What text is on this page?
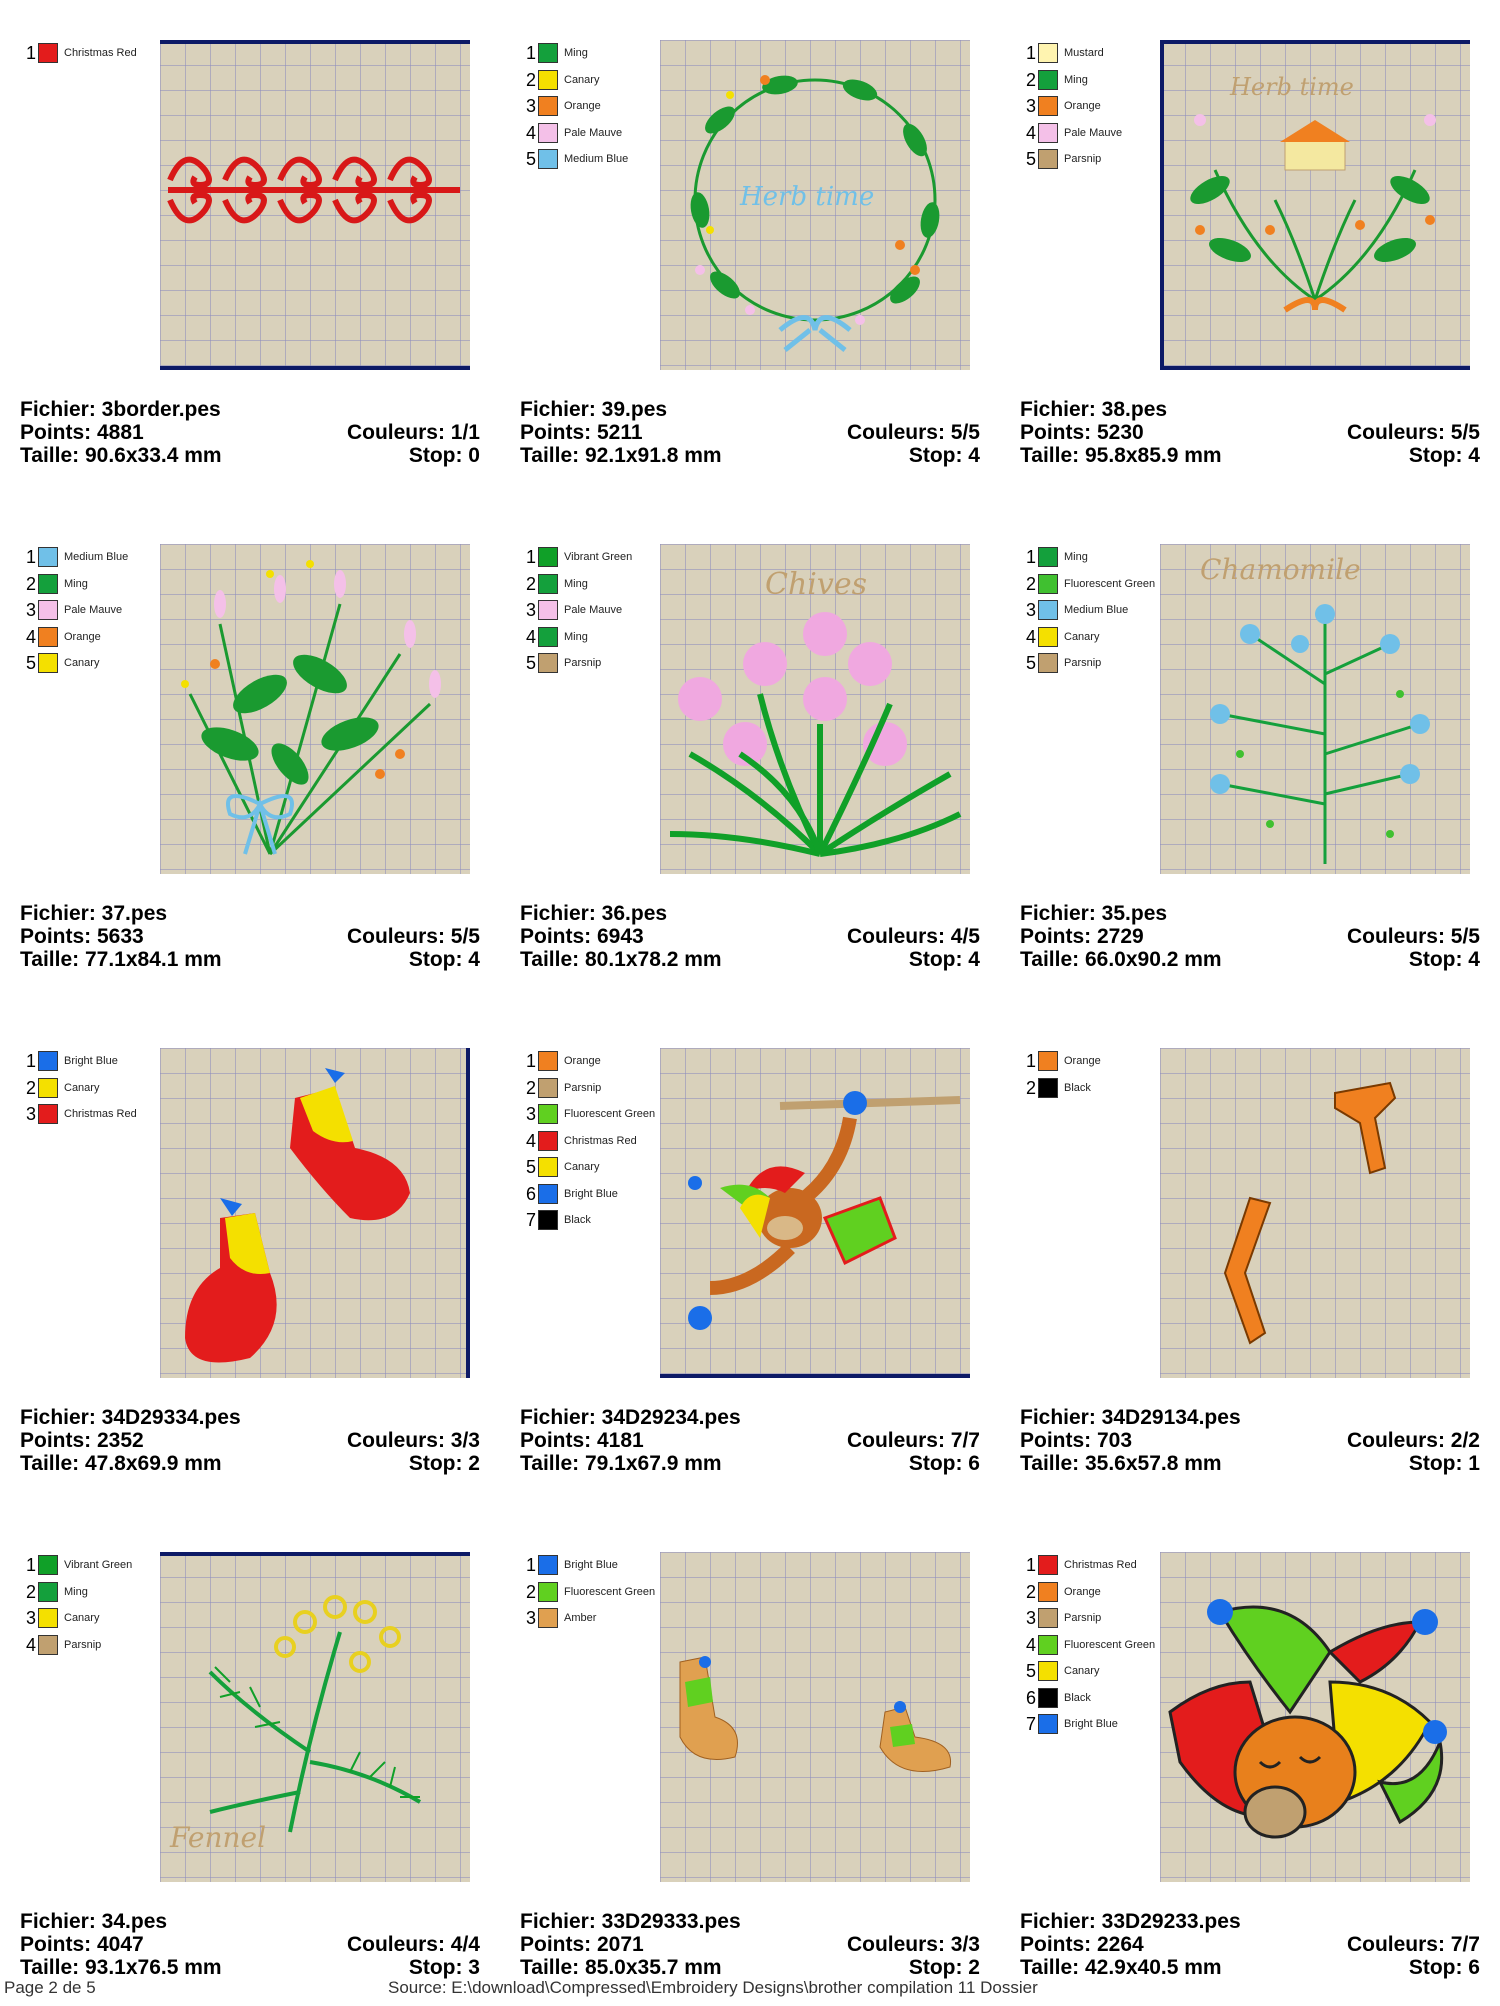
1	Christmas Red
Fichier: 3border.pes
Points: 4881	Couleurs: 1/1
Taille: 90.6x33.4 mm	Stop: 0
1	Ming
2	Canary
3	Orange
4	Pale Mauve
5	Medium Blue
Herb time
Fichier: 39.pes
Points: 5211	Couleurs: 5/5
Taille: 92.1x91.8 mm	Stop: 4
1	Mustard
2	Ming
3	Orange
4	Pale Mauve
5	Parsnip
Herb time
Fichier: 38.pes
Points: 5230	Couleurs: 5/5
Taille: 95.8x85.9 mm	Stop: 4
1	Medium Blue
2	Ming
3	Pale Mauve
4	Orange
5	Canary
Fichier: 37.pes
Points: 5633	Couleurs: 5/5
Taille: 77.1x84.1 mm	Stop: 4
1	Vibrant Green
2	Ming
3	Pale Mauve
4	Ming
5	Parsnip
Chives
Fichier: 36.pes
Points: 6943	Couleurs: 4/5
Taille: 80.1x78.2 mm	Stop: 4
1	Ming
2	Fluorescent Green
3	Medium Blue
4	Canary
5	Parsnip
Chamomile
Fichier: 35.pes
Points: 2729	Couleurs: 5/5
Taille: 66.0x90.2 mm	Stop: 4
1	Bright Blue
2	Canary
3	Christmas Red
Fichier: 34D29334.pes
Points: 2352	Couleurs: 3/3
Taille: 47.8x69.9 mm	Stop: 2
1	Orange
2	Parsnip
3	Fluorescent Green
4	Christmas Red
5	Canary
6	Bright Blue
7	Black
Fichier: 34D29234.pes
Points: 4181	Couleurs: 7/7
Taille: 79.1x67.9 mm	Stop: 6
1	Orange
2	Black
Fichier: 34D29134.pes
Points: 703	Couleurs: 2/2
Taille: 35.6x57.8 mm	Stop: 1
1	Vibrant Green
2	Ming
3	Canary
4	Parsnip
Fennel
Fichier: 34.pes
Points: 4047	Couleurs: 4/4
Taille: 93.1x76.5 mm	Stop: 3
1	Bright Blue
2	Fluorescent Green
3	Amber
Fichier: 33D29333.pes
Points: 2071	Couleurs: 3/3
Taille: 85.0x35.7 mm	Stop: 2
1	Christmas Red
2	Orange
3	Parsnip
4	Fluorescent Green
5	Canary
6	Black
7	Bright Blue
Fichier: 33D29233.pes
Points: 2264	Couleurs: 7/7
Taille: 42.9x40.5 mm	Stop: 6
Page 2 de 5	Source: E:\download\Compressed\Embroidery Designs\brother compilation 11 Dossier
